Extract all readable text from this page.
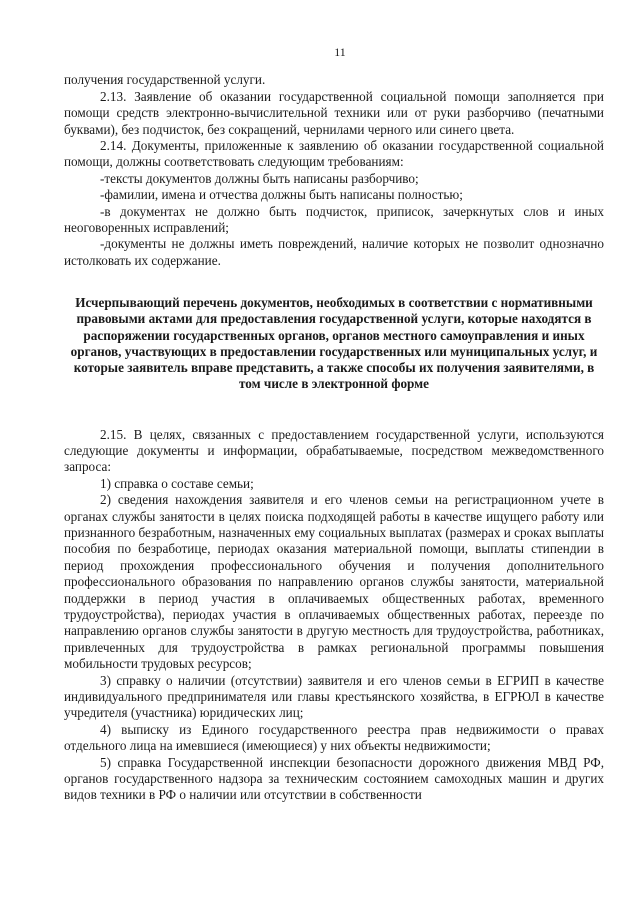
11

получения государственной услуги.

2.13. Заявление об оказании государственной социальной помощи заполняется при помощи средств электронно-вычислительной техники или от руки разборчиво (печатными буквами), без подчисток, без сокращений, чернилами черного или синего цвета.

2.14. Документы, приложенные к заявлению об оказании государственной социальной помощи, должны соответствовать следующим требованиям:

-тексты документов должны быть написаны разборчиво;

-фамилии, имена и отчества должны быть написаны полностью;

-в документах не должно быть подчисток, приписок, зачеркнутых слов и иных неоговоренных исправлений;

-документы не должны иметь повреждений, наличие которых не позволит однозначно истолковать их содержание.

Исчерпывающий перечень документов, необходимых в соответствии с нормативными правовыми актами для предоставления государственной услуги, которые находятся в распоряжении государственных органов, органов местного самоуправления и иных органов, участвующих в предоставлении государственных или муниципальных услуг, и которые заявитель вправе представить, а также способы их получения заявителями, в том числе в электронной форме

2.15. В целях, связанных с предоставлением государственной услуги, используются следующие документы и информации, обрабатываемые, посредством межведомственного запроса:

1) справка о составе семьи;

2) сведения нахождения заявителя и его членов семьи на регистрационном учете в органах службы занятости в целях поиска подходящей работы в качестве ищущего работу или признанного безработным, назначенных ему социальных выплатах (размерах и сроках выплаты пособия по безработице, периодах оказания материальной помощи, выплаты стипендии в период прохождения профессионального обучения и получения дополнительного профессионального образования по направлению органов службы занятости, материальной поддержки в период участия в оплачиваемых общественных работах, временного трудоустройства), периодах участия в оплачиваемых общественных работах, переезде по направлению органов службы занятости в другую местность для трудоустройства, работниках, привлеченных для трудоустройства в рамках региональной программы повышения мобильности трудовых ресурсов;

3) справку о наличии (отсутствии) заявителя и его членов семьи в ЕГРИП в качестве индивидуального предпринимателя или главы крестьянского хозяйства, в ЕГРЮЛ в качестве учредителя (участника) юридических лиц;

4) выписку из Единого государственного реестра прав недвижимости о правах отдельного лица на имевшиеся (имеющиеся) у них объекты недвижимости;

5) справка Государственной инспекции безопасности дорожного движения МВД РФ, органов государственного надзора за техническим состоянием самоходных машин и других видов техники в РФ о наличии или отсутствии в собственности
